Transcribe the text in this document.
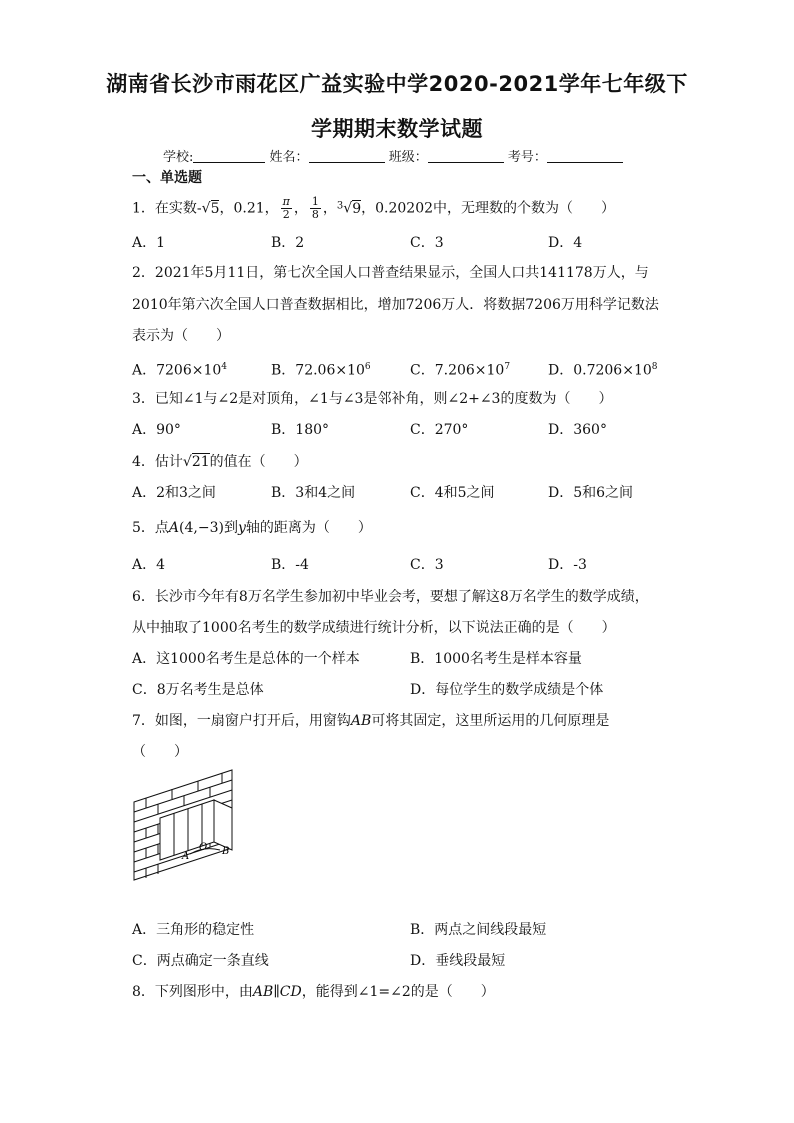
湖南省长沙市雨花区广益实验中学2020-2021学年七年级下
学期期末数学试题
学校:	姓名：	班级：	考号：
一、单选题
1．在实数-√5，0.21， $\frac{\pi}{2}$ ， $\frac{1}{8}$ ，$^3$√9，0.20202中，无理数的个数为（　　）
A．1	B．2	C．3	D．4
2．2021年5月11日，第七次全国人口普查结果显示，全国人口共141178万人，与
2010年第六次全国人口普查数据相比，增加7206万人．将数据7206万用科学记数法
表示为（　　）
A．$7206\times 10^4$	B．$72.06\times 10^6$	C．$7.206\times 10^7$	D．$0.7206\times 10^8$
3．已知∠1与∠2是对顶角，∠1与∠3是邻补角，则∠2+∠3的度数为（　　）
A．90°	B．180°	C．270°	D．360°
4．估计√21的值在（　　）
A．2和3之间	B．3和4之间	C．4和5之间	D．5和6之间
5．点A(4,−3)到y轴的距离为（　　）
A．4	B．-4	C．3	D．-3
6．长沙市今年有8万名学生参加初中毕业会考，要想了解这8万名学生的数学成绩，
从中抽取了1000名考生的数学成绩进行统计分析，以下说法正确的是（　　）
A．这1000名考生是总体的一个样本	B．1000名考生是样本容量
C．8万名考生是总体	D．每位学生的数学成绩是个体
7．如图，一扇窗户打开后，用窗钩AB可将其固定，这里所运用的几何原理是
（　　）
A
O B
A．三角形的稳定性	B．两点之间线段最短
C．两点确定一条直线	D．垂线段最短
8．下列图形中，由AB∥CD，能得到∠1=∠2的是（　　）
